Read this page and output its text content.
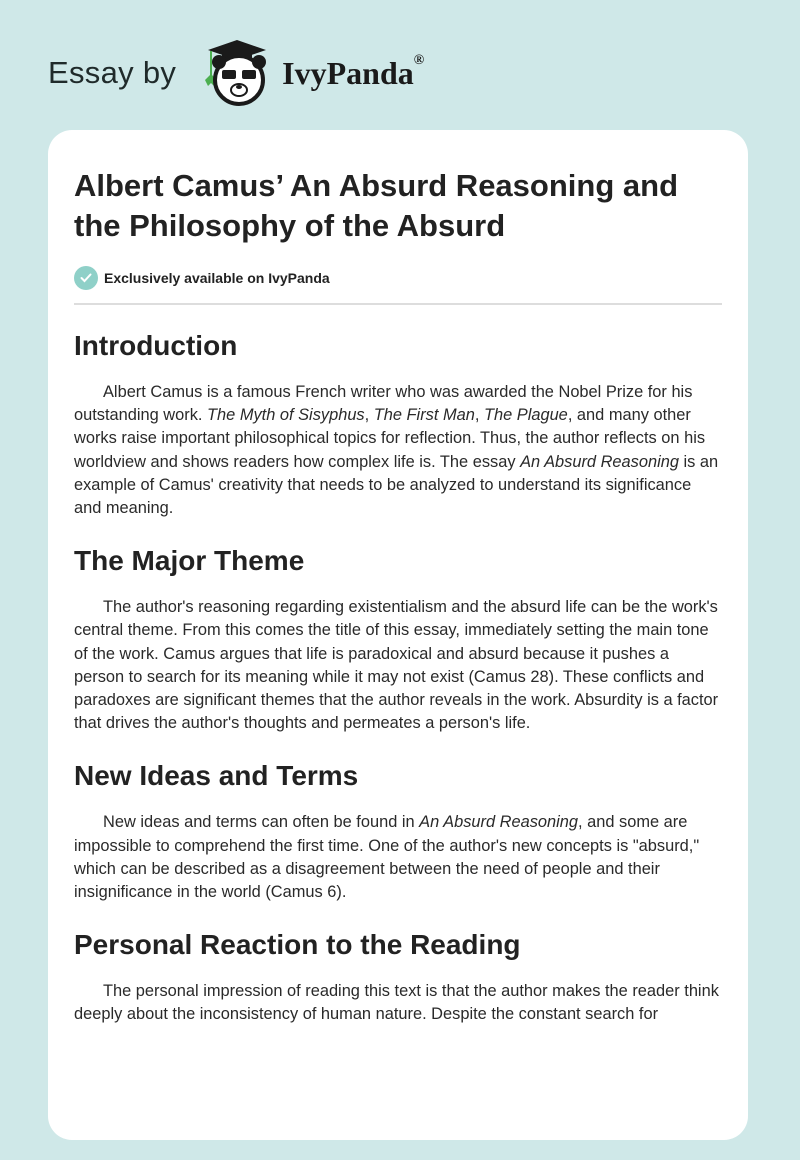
Essay by	IvyPanda®
Albert Camus’ An Absurd Reasoning and the Philosophy of the Absurd
Exclusively available on IvyPanda
Introduction

Albert Camus is a famous French writer who was awarded the Nobel Prize for his outstanding work. The Myth of Sisyphus, The First Man, The Plague, and many other works raise important philosophical topics for reflection. Thus, the author reflects on his worldview and shows readers how complex life is. The essay An Absurd Reasoning is an example of Camus' creativity that needs to be analyzed to understand its significance and meaning.

The Major Theme

The author's reasoning regarding existentialism and the absurd life can be the work's central theme. From this comes the title of this essay, immediately setting the main tone of the work. Camus argues that life is paradoxical and absurd because it pushes a person to search for its meaning while it may not exist (Camus 28). These conflicts and paradoxes are significant themes that the author reveals in the work. Absurdity is a factor that drives the author's thoughts and permeates a person's life.

New Ideas and Terms

New ideas and terms can often be found in An Absurd Reasoning, and some are impossible to comprehend the first time. One of the author's new concepts is "absurd," which can be described as a disagreement between the need of people and their insignificance in the world (Camus 6).

Personal Reaction to the Reading

The personal impression of reading this text is that the author makes the reader think deeply about the inconsistency of human nature. Despite the constant search for
